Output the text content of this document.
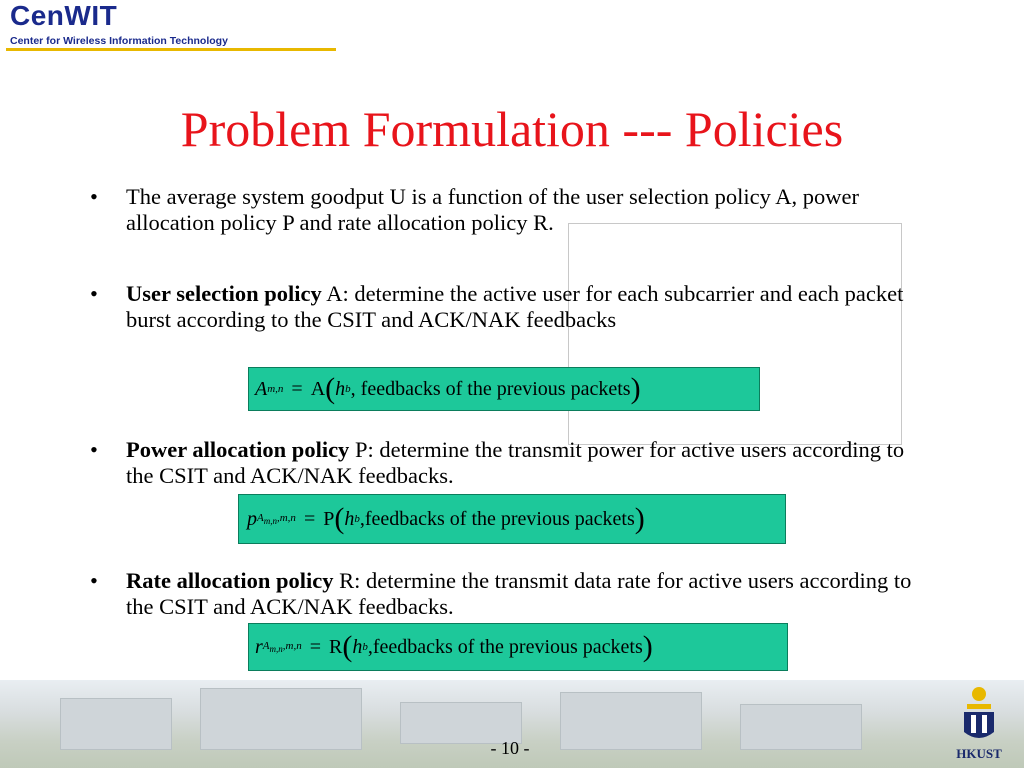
CenWIT
Center for Wireless Information Technology
Problem Formulation --- Policies
• The average system goodput U is a function of the user selection policy A, power allocation policy P and rate allocation policy R.
• User selection policy A: determine the active user for each subcarrier and each packet burst according to the CSIT and ACK/NAK feedbacks
A m,n = A ( h b , feedbacks of the previous packets )
• Power allocation policy P: determine the transmit power for active users according to the CSIT and ACK/NAK feedbacks.
p $A_{m,n},m,n = P$ ( h b ,feedbacks of the previous packets )
• Rate allocation policy R: determine the transmit data rate for active users according to the CSIT and ACK/NAK feedbacks.
r $A_{m,n},m,n = R$ ( h b ,feedbacks of the previous packets )
- 10 -	HKUST
